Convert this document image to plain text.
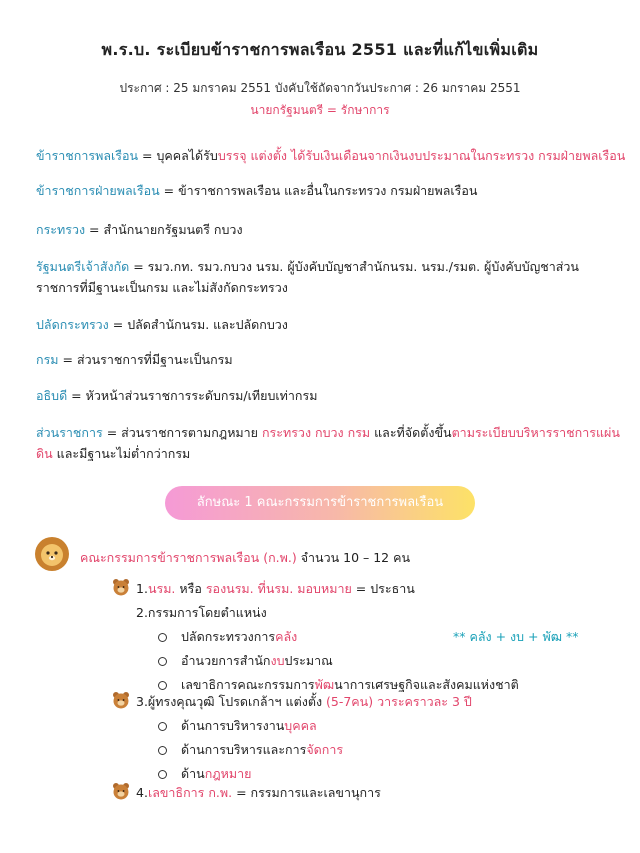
พ.ร.บ. ระเบียบข้าราชการพลเรือน 2551 และที่แก้ไขเพิ่มเติม
ประกาศ : 25 มกราคม 2551 บังคับใช้ถัดจากวันประกาศ : 26 มกราคม 2551
นายกรัฐมนตรี = รักษาการ
ข้าราชการพลเรือน = บุคคลได้รับบรรจุ แต่งตั้ง ได้รับเงินเดือนจากเงินงบประมาณในกระทรวง กรมฝ่ายพลเรือน
ข้าราชการฝ่ายพลเรือน = ข้าราชการพลเรือน และอื่นในกระทรวง กรมฝ่ายพลเรือน
กระทรวง = สำนักนายกรัฐมนตรี กบวง
รัฐมนตรีเจ้าสังกัด = รมว.กท. รมว.กบวง นรม. ผู้บังคับบัญชาสำนักนรม. นรม./รมต. ผู้บังคับบัญชาส่วนราชการที่มีฐานะเป็นกรม และไม่สังกัดกระทรวง
ปลัดกระทรวง = ปลัดสำนักนรม. และปลัดกบวง
กรม = ส่วนราชการที่มีฐานะเป็นกรม
อธิบดี = หัวหน้าส่วนราชการระดับกรม/เทียบเท่ากรม
ส่วนราชการ = ส่วนราชการตามกฎหมาย กระทรวง กบวง กรม และที่จัดตั้งขึ้นตามระเบียบบริหารราชการแผ่นดิน และมีฐานะไม่ต่ำกว่ากรม
ลักษณะ 1 คณะกรรมการข้าราชการพลเรือน
คณะกรรมการข้าราชการพลเรือน (ก.พ.) จำนวน 10 – 12 คน
1.นรม. หรือ รองนรม. ที่นรม. มอบหมาย = ประธาน
2.กรรมการโดยตำแหน่ง
ปลัดกระทรวงการคลัง	** คลัง + งบ + พัฒ **
อำนวยการสำนักงบประมาณ
เลขาธิการคณะกรรมการพัฒนาการเศรษฐกิจและสังคมแห่งชาติ
3.ผู้ทรงคุณวุฒิ โปรดเกล้าฯ แต่งตั้ง (5-7คน) วาระคราวละ 3 ปี
ด้านการบริหารงานบุคคล
ด้านการบริหารและการจัดการ
ด้านกฎหมาย
4.เลขาธิการ ก.พ. = กรรมการและเลขานุการ
